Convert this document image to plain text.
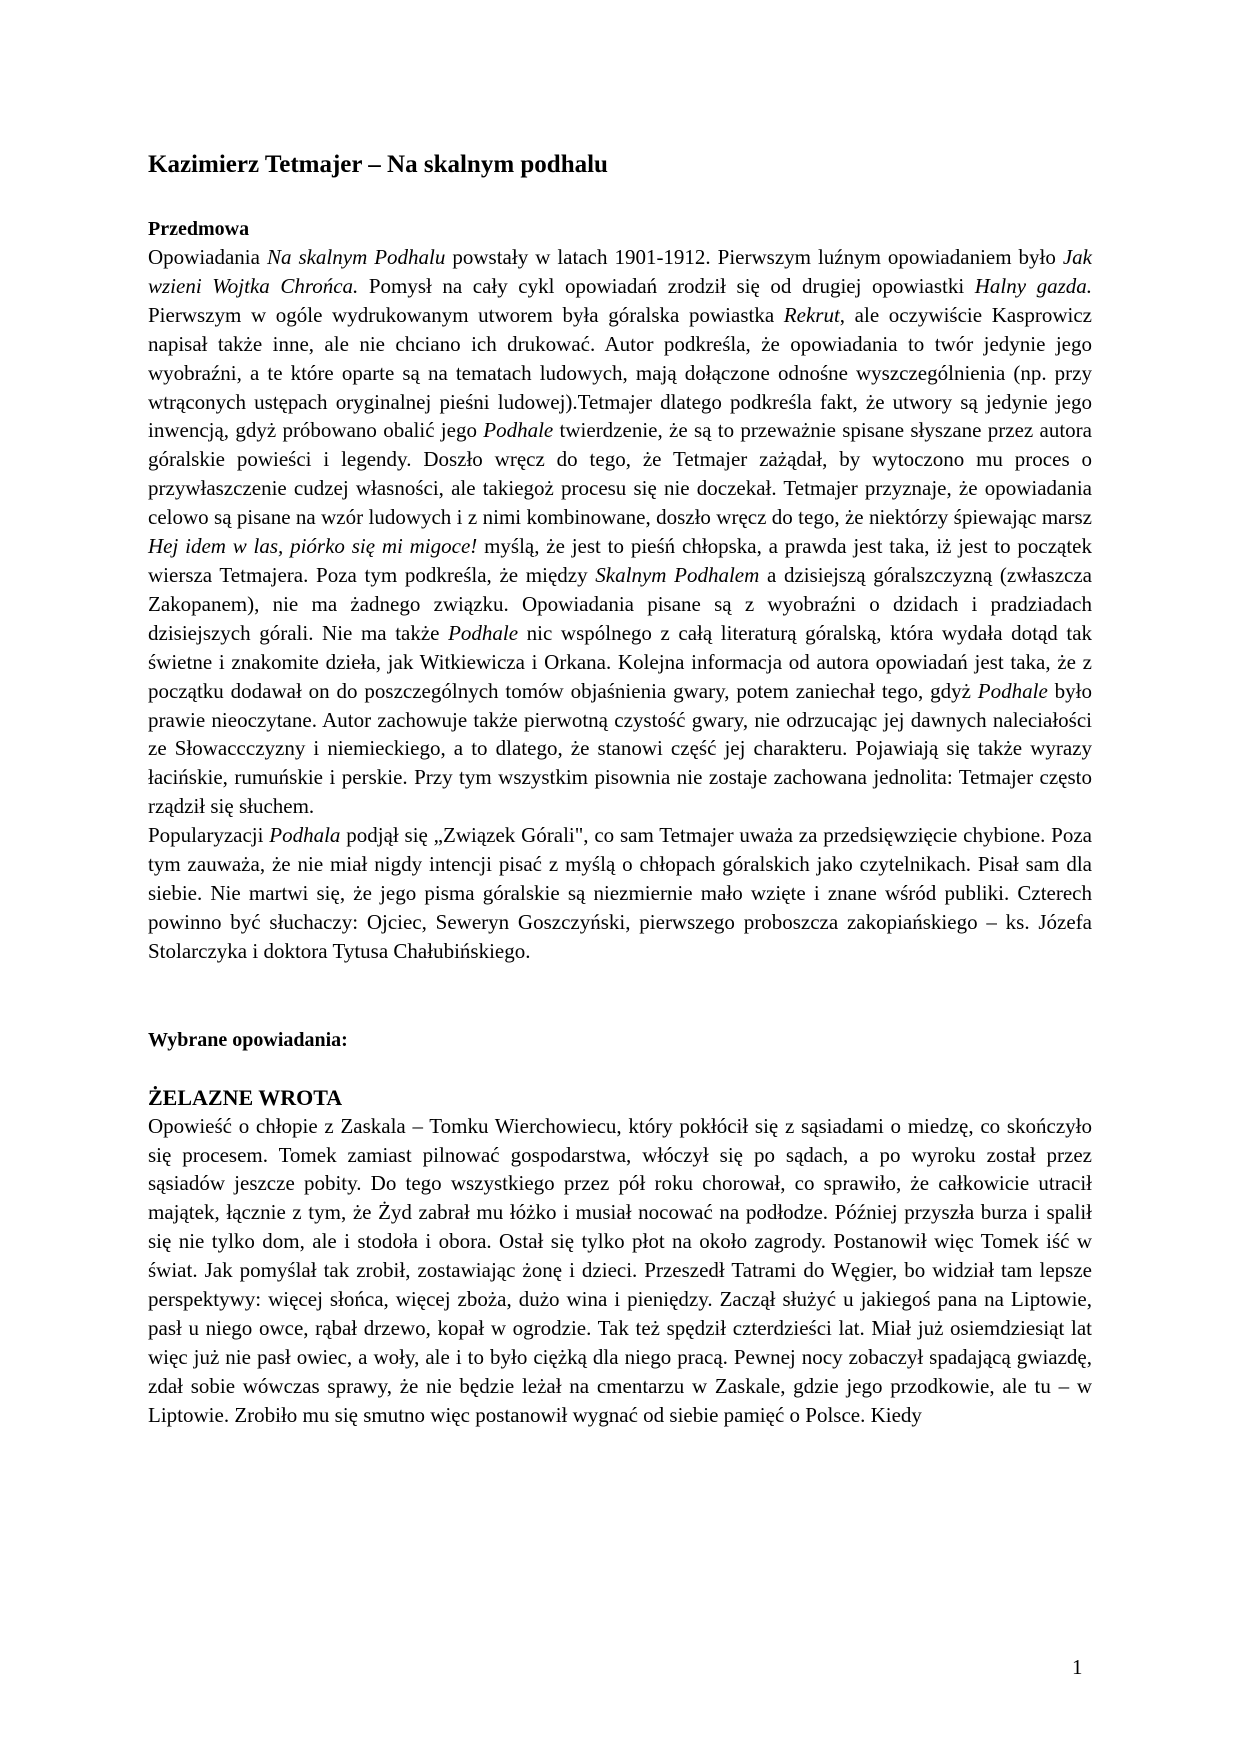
Kazimierz Tetmajer – Na skalnym podhalu
Przedmowa

Opowiadania Na skalnym Podhalu powstały w latach 1901-1912. Pierwszym luźnym opowiadaniem było Jak wzieni Wojtka Chrońca. Pomysł na cały cykl opowiadań zrodził się od drugiej opowiastki Halny gazda. Pierwszym w ogóle wydrukowanym utworem była góralska powiastka Rekrut, ale oczywiście Kasprowicz napisał także inne, ale nie chciano ich drukować. Autor podkreśla, że opowiadania to twór jedynie jego wyobraźni, a te które oparte są na tematach ludowych, mają dołączone odnośne wyszczególnienia (np. przy wtrąconych ustępach oryginalnej pieśni ludowej).Tetmajer dlatego podkreśla fakt, że utwory są jedynie jego inwencją, gdyż próbowano obalić jego Podhale twierdzenie, że są to przeważnie spisane słyszane przez autora góralskie powieści i legendy. Doszło wręcz do tego, że Tetmajer zażądał, by wytoczono mu proces o przywłaszczenie cudzej własności, ale takiegoż procesu się nie doczekał. Tetmajer przyznaje, że opowiadania celowo są pisane na wzór ludowych i z nimi kombinowane, doszło wręcz do tego, że niektórzy śpiewając marsz Hej idem w las, piórko się mi migoce! myślą, że jest to pieśń chłopska, a prawda jest taka, iż jest to początek wiersza Tetmajera. Poza tym podkreśla, że między Skalnym Podhalem a dzisiejszą góralszczyzną (zwłaszcza Zakopanem), nie ma żadnego związku. Opowiadania pisane są z wyobraźni o dzidach i pradziadach dzisiejszych górali. Nie ma także Podhale nic wspólnego z całą literaturą góralską, która wydała dotąd tak świetne i znakomite dzieła, jak Witkiewicza i Orkana. Kolejna informacja od autora opowiadań jest taka, że z początku dodawał on do poszczególnych tomów objaśnienia gwary, potem zaniechał tego, gdyż Podhale było prawie nieoczytane. Autor zachowuje także pierwotną czystość gwary, nie odrzucając jej dawnych naleciałości ze Słowaccczyzny i niemieckiego, a to dlatego, że stanowi część jej charakteru. Pojawiają się także wyrazy łacińskie, rumuńskie i perskie. Przy tym wszystkim pisownia nie zostaje zachowana jednolita: Tetmajer często rządził się słuchem.

Popularyzacji Podhala podjął się „Związek Górali", co sam Tetmajer uważa za przedsięwzięcie chybione. Poza tym zauważa, że nie miał nigdy intencji pisać z myślą o chłopach góralskich jako czytelnikach. Pisał sam dla siebie. Nie martwi się, że jego pisma góralskie są niezmiernie mało wzięte i znane wśród publiki. Czterech powinno być słuchaczy: Ojciec, Seweryn Goszczyński, pierwszego proboszcza zakopiańskiego – ks. Józefa Stolarczyka i doktora Tytusa Chałubińskiego.

Wybrane opowiadania:
ŻELAZNE WROTA

Opowieść o chłopie z Zaskala – Tomku Wierchowiecu, który pokłócił się z sąsiadami o miedzę, co skończyło się procesem. Tomek zamiast pilnować gospodarstwa, włóczył się po sądach, a po wyroku został przez sąsiadów jeszcze pobity. Do tego wszystkiego przez pół roku chorował, co sprawiło, że całkowicie utracił majątek, łącznie z tym, że Żyd zabrał mu łóżko i musiał nocować na podłodze. Później przyszła burza i spalił się nie tylko dom, ale i stodoła i obora. Ostał się tylko płot na około zagrody. Postanowił więc Tomek iść w świat. Jak pomyślał tak zrobił, zostawiając żonę i dzieci. Przeszedł Tatrami do Węgier, bo widział tam lepsze perspektywy: więcej słońca, więcej zboża, dużo wina i pieniędzy. Zaczął służyć u jakiegoś pana na Liptowie, pasł u niego owce, rąbał drzewo, kopał w ogrodzie. Tak też spędził czterdzieści lat. Miał już osiemdziesiąt lat więc już nie pasł owiec, a woły, ale i to było ciężką dla niego pracą. Pewnej nocy zobaczył spadającą gwiazdę, zdał sobie wówczas sprawy, że nie będzie leżał na cmentarzu w Zaskale, gdzie jego przodkowie, ale tu – w Liptowie. Zrobiło mu się smutno więc postanowił wygnać od siebie pamięć o Polsce. Kiedy

1
